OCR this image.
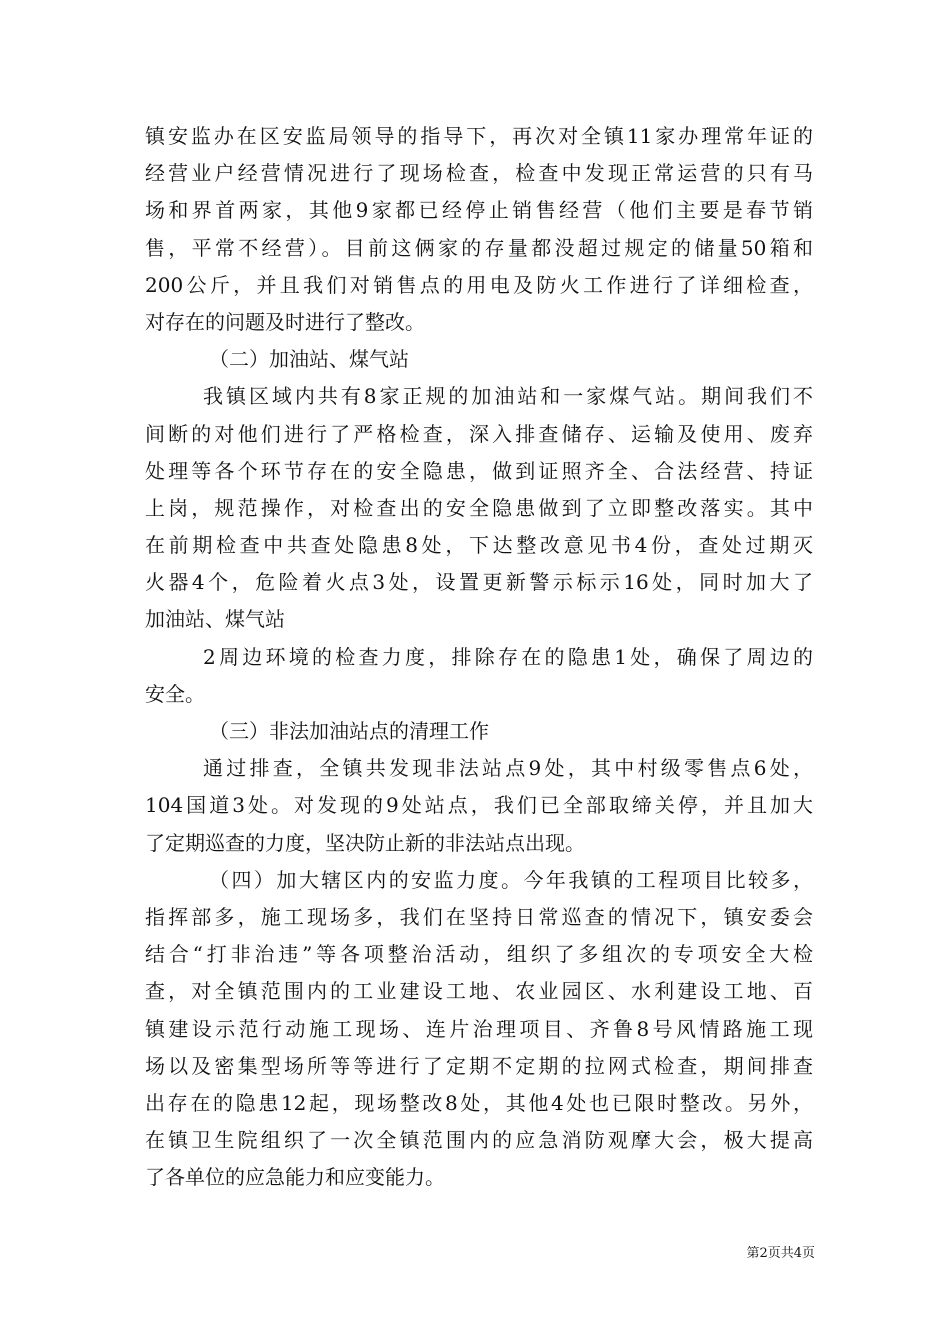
镇安监办在区安监局领导的指导下，再次对全镇11家办理常年证的
经营业户经营情况进行了现场检查，检查中发现正常运营的只有马
场和界首两家，其他9家都已经停止销售经营（他们主要是春节销
售，平常不经营）。目前这俩家的存量都没超过规定的储量50箱和
200公斤，并且我们对销售点的用电及防火工作进行了详细检查，
对存在的问题及时进行了整改。
（二）加油站、煤气站
我镇区域内共有8家正规的加油站和一家煤气站。期间我们不
间断的对他们进行了严格检查，深入排查储存、运输及使用、废弃
处理等各个环节存在的安全隐患，做到证照齐全、合法经营、持证
上岗，规范操作，对检查出的安全隐患做到了立即整改落实。其中
在前期检查中共查处隐患8处，下达整改意见书4份，查处过期灭
火器4个，危险着火点3处，设置更新警示标示16处，同时加大了
加油站、煤气站
2周边环境的检查力度，排除存在的隐患1处，确保了周边的
安全。
（三）非法加油站点的清理工作
通过排查，全镇共发现非法站点9处，其中村级零售点6处，
104国道3处。对发现的9处站点，我们已全部取缔关停，并且加大
了定期巡查的力度，坚决防止新的非法站点出现。
（四）加大辖区内的安监力度。今年我镇的工程项目比较多，
指挥部多，施工现场多，我们在坚持日常巡查的情况下，镇安委会
结合“打非治违”等各项整治活动，组织了多组次的专项安全大检
查，对全镇范围内的工业建设工地、农业园区、水利建设工地、百
镇建设示范行动施工现场、连片治理项目、齐鲁8号风情路施工现
场以及密集型场所等等进行了定期不定期的拉网式检查，期间排查
出存在的隐患12起，现场整改8处，其他4处也已限时整改。另外，
在镇卫生院组织了一次全镇范围内的应急消防观摩大会，极大提高
了各单位的应急能力和应变能力。
第2页共4页
